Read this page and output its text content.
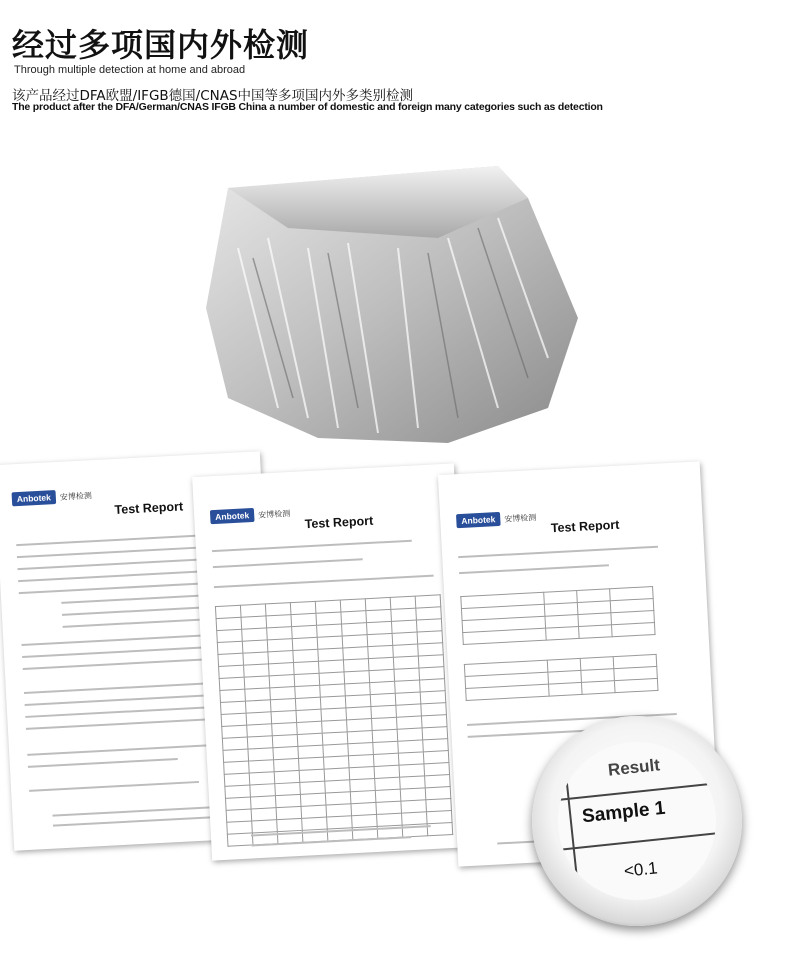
经过多项国内外检测
Through multiple detection at home and abroad
该产品经过DFA欧盟/IFGB德国/CNAS中国等多项国内外多类别检测
The product after the DFA/German/CNAS IFGB China a number of domestic and foreign many categories such as detection
Anbotek	安博检测
Test Report	Anbotek	安博检测 Test Report

									Anbotek	安博检测 Test Report

Result
Sample 1
<0.1
